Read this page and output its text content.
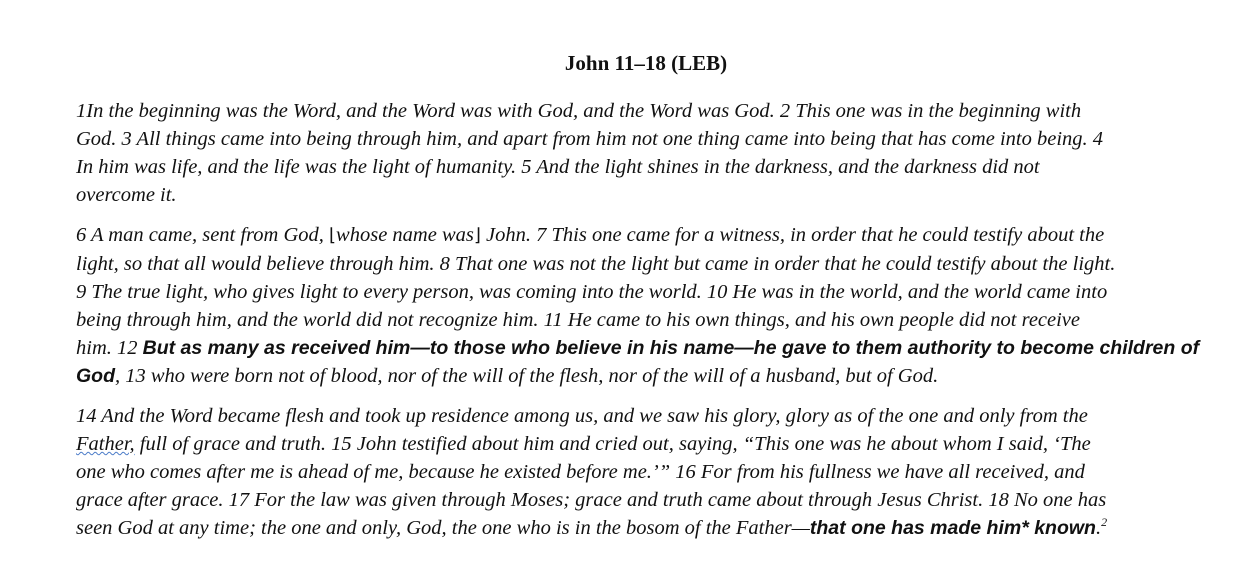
John 11–18 (LEB)
1In the beginning was the Word, and the Word was with God, and the Word was God. 2 This one was in the beginning with
God. 3 All things came into being through him, and apart from him not one thing came into being that has come into being. 4
In him was life, and the life was the light of humanity. 5 And the light shines in the darkness, and the darkness did not
overcome it.
6 A man came, sent from God, ⌊whose name was⌋ John. 7 This one came for a witness, in order that he could testify about the
light, so that all would believe through him. 8 That one was not the light but came in order that he could testify about the light.
9 The true light, who gives light to every person, was coming into the world. 10 He was in the world, and the world came into
being through him, and the world did not recognize him. 11 He came to his own things, and his own people did not receive
him. 12 But as many as received him—to those who believe in his name—he gave to them authority to become children of
God, 13 who were born not of blood, nor of the will of the flesh, nor of the will of a husband, but of God.
14 And the Word became flesh and took up residence among us, and we saw his glory, glory as of the one and only from the
Father, full of grace and truth. 15 John testified about him and cried out, saying, “This one was he about whom I said, ‘The
one who comes after me is ahead of me, because he existed before me.’” 16 For from his fullness we have all received, and
grace after grace. 17 For the law was given through Moses; grace and truth came about through Jesus Christ. 18 No one has
seen God at any time; the one and only, God, the one who is in the bosom of the Father—that one has made him* known.$^2$
